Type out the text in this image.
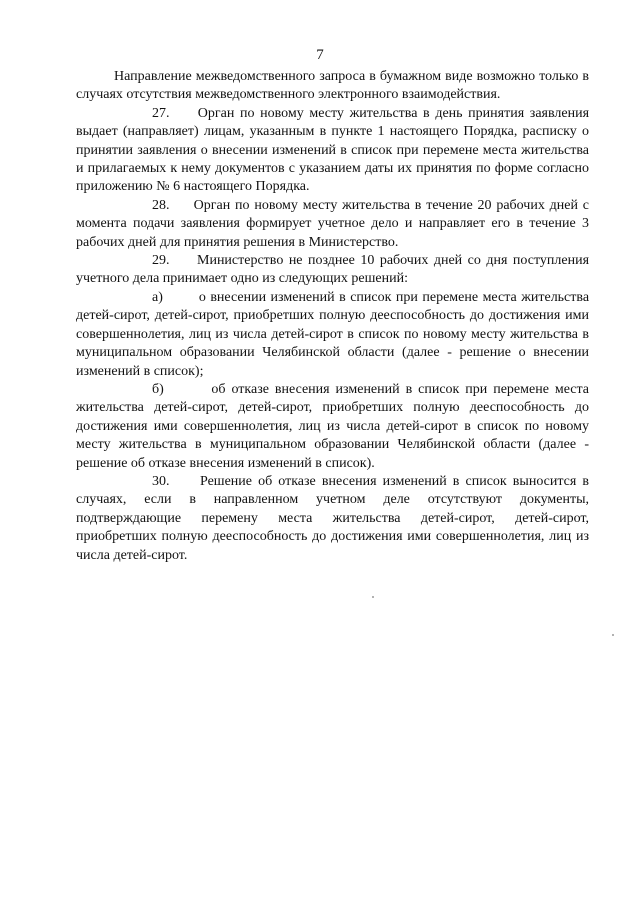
7

Направление межведомственного запроса в бумажном виде возможно только в случаях отсутствия межведомственного электронного взаимодействия.

27. Орган по новому месту жительства в день принятия заявления выдает (направляет) лицам, указанным в пункте 1 настоящего Порядка, расписку о принятии заявления о внесении изменений в список при перемене места жительства и прилагаемых к нему документов с указанием даты их принятия по форме согласно приложению № 6 настоящего Порядка.

28. Орган по новому месту жительства в течение 20 рабочих дней с момента подачи заявления формирует учетное дело и направляет его в течение 3 рабочих дней для принятия решения в Министерство.

29. Министерство не позднее 10 рабочих дней со дня поступления учетного дела принимает одно из следующих решений:

а)	о внесении изменений в список при перемене места жительства детей-сирот, детей-сирот, приобретших полную дееспособность до достижения ими совершеннолетия, лиц из числа детей-сирот в список по новому месту жительства в муниципальном образовании Челябинской области (далее - решение о внесении изменений в список);

б)	об отказе внесения изменений в список при перемене места жительства детей-сирот, детей-сирот, приобретших полную дееспособность до достижения ими совершеннолетия, лиц из числа детей-сирот в список по новому месту жительства в муниципальном образовании Челябинской области (далее - решение об отказе внесения изменений в список).

30. Решение об отказе внесения изменений в список выносится в случаях, если в направленном учетном деле отсутствуют документы, подтверждающие перемену места жительства детей-сирот, детей-сирот, приобретших полную дееспособность до достижения ими совершеннолетия, лиц из числа детей-сирот.
